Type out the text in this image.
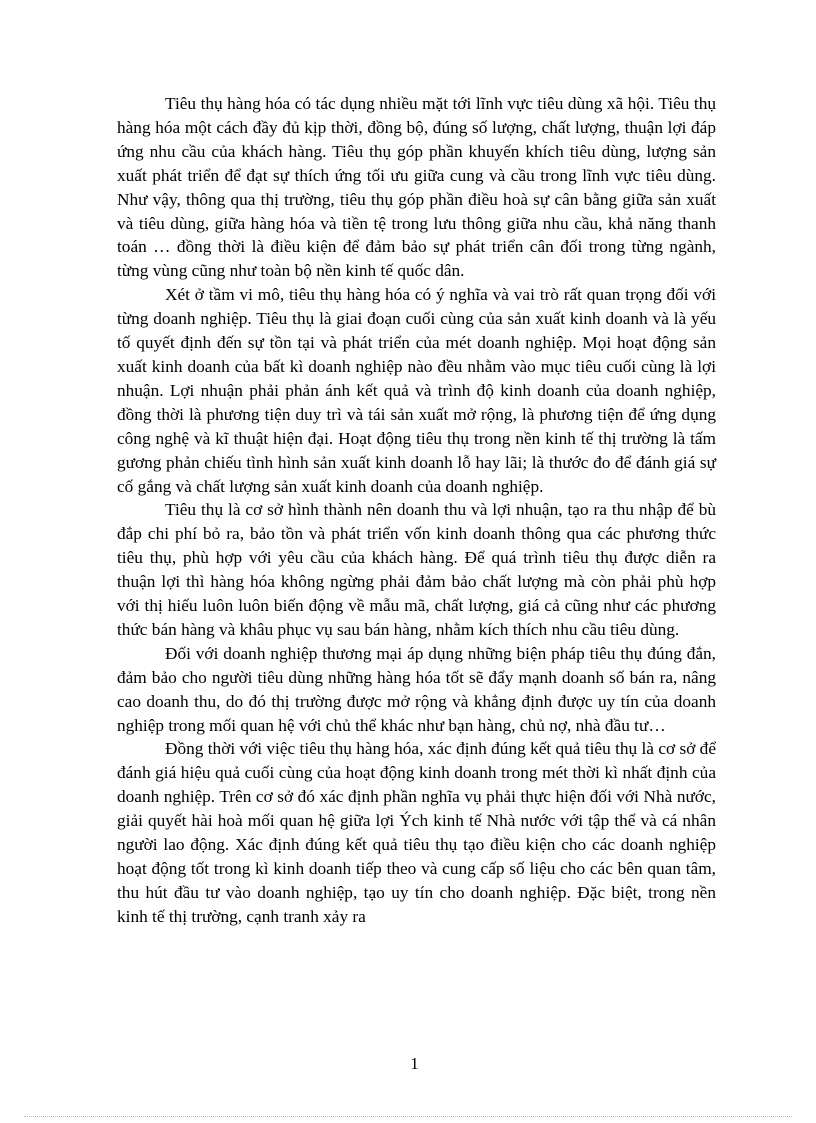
Tiêu thụ hàng hóa có tác dụng nhiều mặt tới lĩnh vực tiêu dùng xã hội. Tiêu thụ hàng hóa một cách đầy đủ kịp thời, đồng bộ, đúng số lượng, chất lượng, thuận lợi đáp ứng nhu cầu của khách hàng. Tiêu thụ góp phần khuyến khích tiêu dùng, lượng sản xuất phát triển để đạt sự thích ứng tối ưu giữa cung và cầu trong lĩnh vực tiêu dùng. Như vậy, thông qua thị trường, tiêu thụ góp phần điều hoà sự cân bằng giữa sản xuất và tiêu dùng, giữa hàng hóa và tiền tệ trong lưu thông giữa nhu cầu, khả năng thanh toán … đồng thời là điều kiện để đảm bảo sự phát triển cân đối trong từng ngành, từng vùng cũng như toàn bộ nền kinh tế quốc dân.

Xét ở tầm vi mô, tiêu thụ hàng hóa có ý nghĩa và vai trò rất quan trọng đối với từng doanh nghiệp. Tiêu thụ là giai đoạn cuối cùng của sản xuất kinh doanh và là yếu tố quyết định đến sự tồn tại và phát triển của mét doanh nghiệp. Mọi hoạt động sản xuất kinh doanh của bất kì doanh nghiệp nào đều nhằm vào mục tiêu cuối cùng là lợi nhuận. Lợi nhuận phải phản ánh kết quả và trình độ kinh doanh của doanh nghiệp, đồng thời là phương tiện duy trì và tái sản xuất mở rộng, là phương tiện để ứng dụng công nghệ và kĩ thuật hiện đại. Hoạt động tiêu thụ trong nền kinh tế thị trường là tấm gương phản chiếu tình hình sản xuất kinh doanh lỗ hay lãi; là thước đo để đánh giá sự cố gắng và chất lượng sản xuất kinh doanh của doanh nghiệp.

Tiêu thụ là cơ sở hình thành nên doanh thu và lợi nhuận, tạo ra thu nhập để bù đắp chi phí bỏ ra, bảo tồn và phát triển vốn kinh doanh thông qua các phương thức tiêu thụ, phù hợp với yêu cầu của khách hàng. Để quá trình tiêu thụ được diễn ra thuận lợi thì hàng hóa không ngừng phải đảm bảo chất lượng mà còn phải phù hợp với thị hiếu luôn luôn biến động về mẫu mã, chất lượng, giá cả cũng như các phương thức bán hàng và khâu phục vụ sau bán hàng, nhằm kích thích nhu cầu tiêu dùng.

Đối với doanh nghiệp thương mại áp dụng những biện pháp tiêu thụ đúng đắn, đảm bảo cho người tiêu dùng những hàng hóa tốt sẽ đẩy mạnh doanh số bán ra, nâng cao doanh thu, do đó thị trường được mở rộng và khẳng định được uy tín của doanh nghiệp trong mối quan hệ với chủ thể khác như bạn hàng, chủ nợ, nhà đầu tư…

Đồng thời với việc tiêu thụ hàng hóa, xác định đúng kết quả tiêu thụ là cơ sở để đánh giá hiệu quả cuối cùng của hoạt động kinh doanh trong mét thời kì nhất định của doanh nghiệp. Trên cơ sở đó xác định phần nghĩa vụ phải thực hiện đối với Nhà nước, giải quyết hài hoà mối quan hệ giữa lợi Ých kinh tế Nhà nước với tập thể và cá nhân người lao động. Xác định đúng kết quả tiêu thụ tạo điều kiện cho các doanh nghiệp hoạt động tốt trong kì kinh doanh tiếp theo và cung cấp số liệu cho các bên quan tâm, thu hút đầu tư vào doanh nghiệp, tạo uy tín cho doanh nghiệp. Đặc biệt, trong nền kinh tế thị trường, cạnh tranh xảy ra

1
